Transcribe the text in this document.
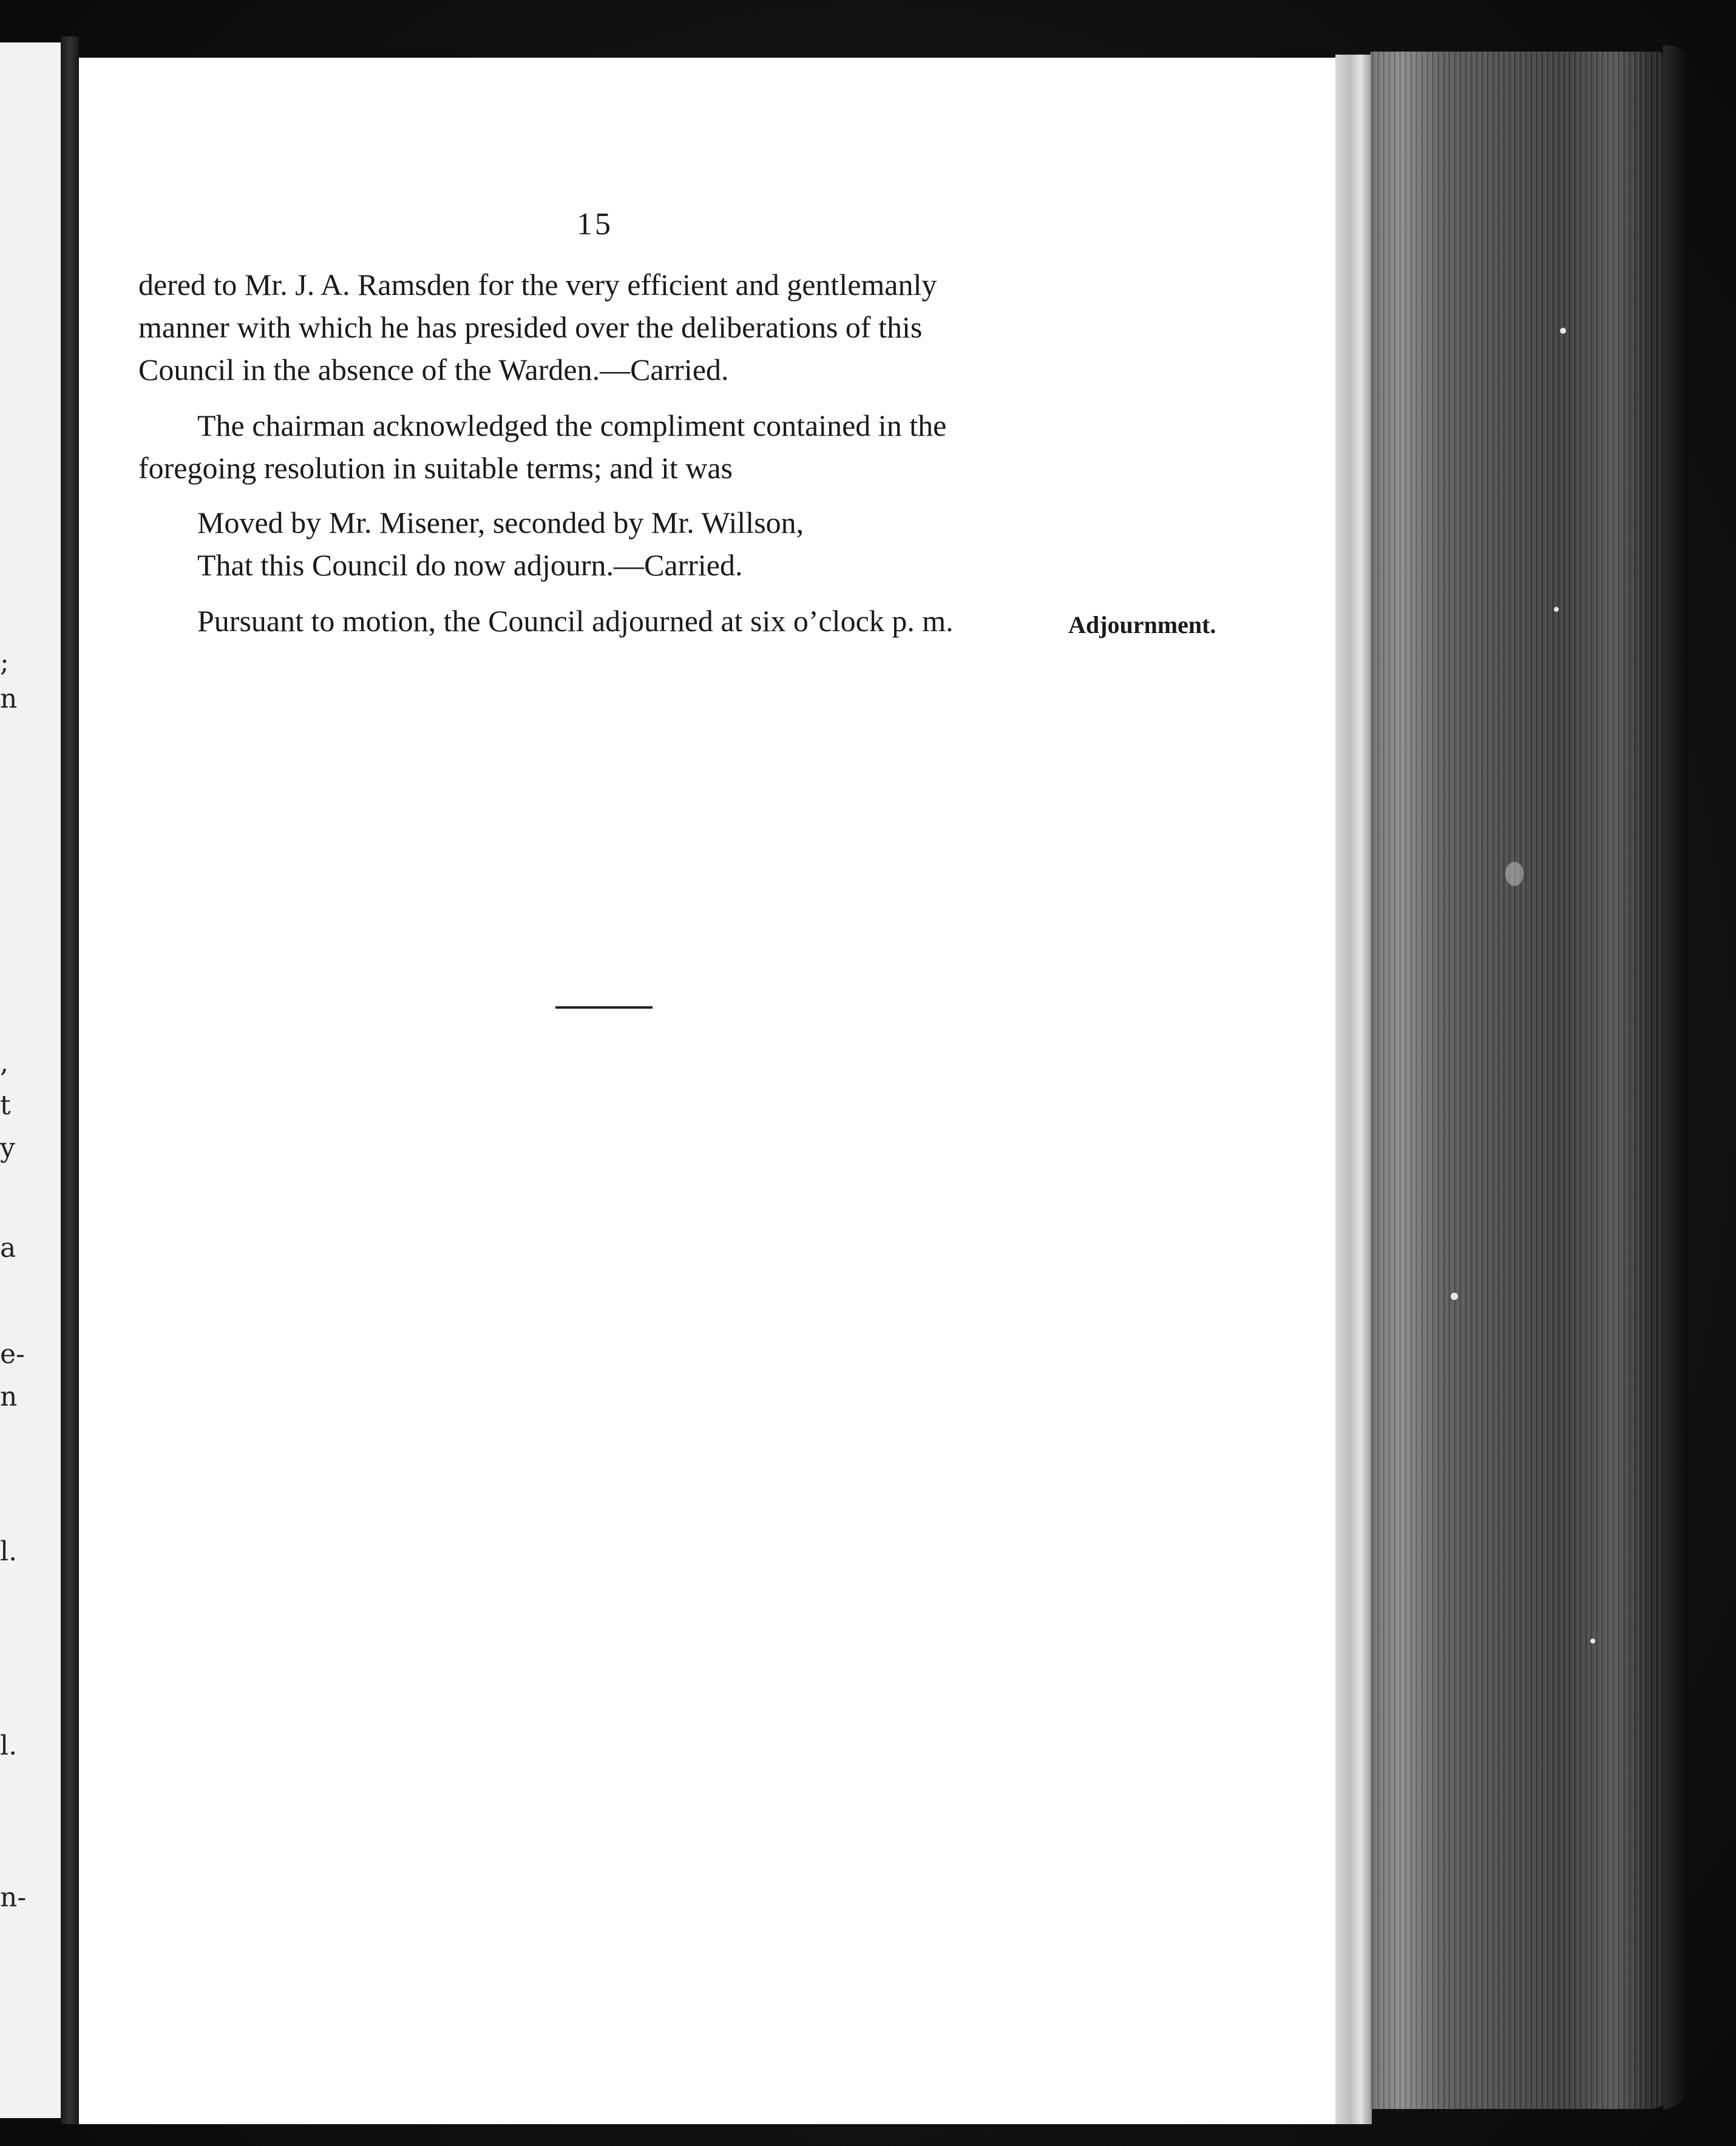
;
n
,
t
y
a
e-
n
l.
l.
n-
15
dered to Mr. J. A. Ramsden for the very efficient and gentlemanly
manner with which he has presided over the deliberations of this
Council in the absence of the Warden.—Carried.
The chairman acknowledged the compliment contained in the
foregoing resolution in suitable terms; and it was
Moved by Mr. Misener, seconded by Mr. Willson,
That this Council do now adjourn.—Carried.
Pursuant to motion, the Council adjourned at six o’clock p. m.	Adjournment.
